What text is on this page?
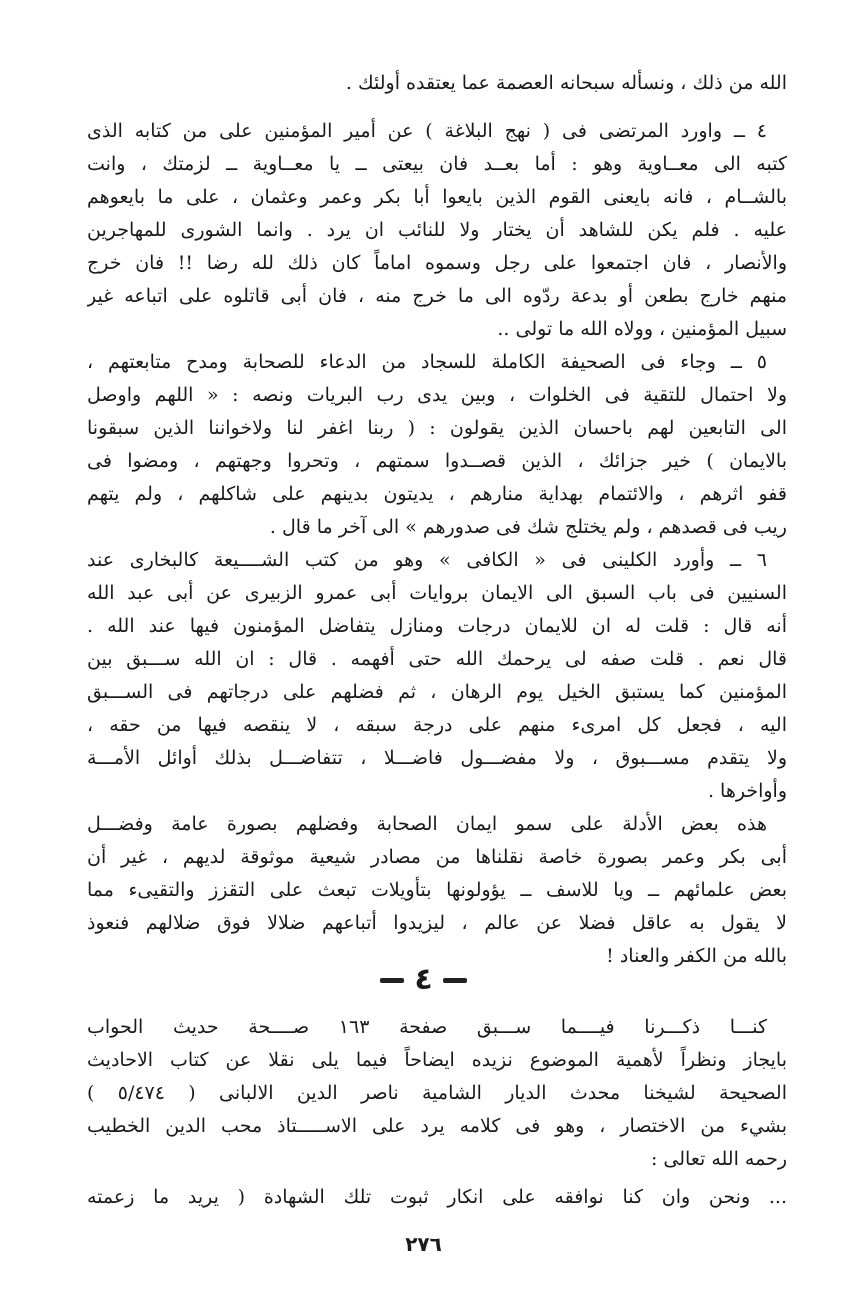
الله من ذلك ، ونسأله سبحانه العصمة عما يعتقده أولئك .
٤ ــ واورد المرتضى فى ( نهج البلاغة ) عن أمير المؤمنين على من كتابه الذى
كتبه الى معــاوية وهو : أما بعــد فان بيعتى ــ يا معــاوية ــ لزمتك ، وانت
بالشــام ، فانه بايعنى القوم الذين بايعوا أبا بكر وعمر وعثمان ، على ما بايعوهم
عليه . فلم يكن للشاهد أن يختار ولا للنائب ان يرد . وانما الشورى للمهاجرين
والأنصار ، فان اجتمعوا على رجل وسموه اماماً كان ذلك لله رضا !! فان خرج
منهم خارج بطعن أو بدعة ردّوه الى ما خرج منه ، فان أبى قاتلوه على اتباعه غير
سبيل المؤمنين ، وولاه الله ما تولى ..
٥ ــ وجاء فى الصحيفة الكاملة للسجاد من الدعاء للصحابة ومدح متابعتهم ،
ولا احتمال للتقية فى الخلوات ، وبين يدى رب البريات ونصه : « اللهم واوصل
الى التابعين لهم باحسان الذين يقولون : ( ربنا اغفر لنا ولاخواننا الذين سبقونا
بالايمان ) خير جزائك ، الذين قصــدوا سمتهم ، وتحروا وجهتهم ، ومضوا فى
قفو اثرهم ، والائتمام بهداية منارهم ، يديتون بدينهم على شاكلهم ، ولم يتهم
ريب فى قصدهم ، ولم يختلج شك فى صدورهم » الى آخر ما قال .
٦ ــ وأورد الكلينى فى « الكافى » وهو من كتب الشــــيعة كالبخارى عند
السنيين فى باب السبق الى الايمان بروايات أبى عمرو الزبيرى عن أبى عبد الله
أنه قال : قلت له ان للايمان درجات ومنازل يتفاضل المؤمنون فيها عند الله .
قال نعم . قلت صفه لى يرحمك الله حتى أفهمه . قال : ان الله ســـبق بين
المؤمنين كما يستبق الخيل يوم الرهان ، ثم فضلهم على درجاتهم فى الســـبق
اليه ، فجعل كل امرىء منهم على درجة سبقه ، لا ينقصه فيها من حقه ،
ولا يتقدم مســـبوق ، ولا مفضـــول فاضـــلا ، تتفاضـــل بذلك أوائل الأمـــة
وأواخرها .
هذه بعض الأدلة على سمو ايمان الصحابة وفضلهم بصورة عامة وفضـــل
أبى بكر وعمر بصورة خاصة نقلناها من مصادر شيعية موثوقة لديهم ، غير أن
بعض علمائهم ــ ويا للاسف ــ يؤولونها بتأويلات تبعث على التقزز والتقيىء مما
لا يقول به عاقل فضلا عن عالم ، ليزيدوا أتباعهم ضلالا فوق ضلالهم فنعوذ
بالله من الكفر والعناد !
٤
كنـــا ذكـــرنا فيــــما ســـبق صفحة ١٦٣ صــــحة حديث الحواب
بايجاز ونظراً لأهمية الموضوع نزيده ايضاحاً فيما يلى نقلا عن كتاب الاحاديث
الصحيحة لشيخنا محدث الديار الشامية ناصر الدين الالبانى ( ٥/٤٧٤ )
بشيء من الاختصار ، وهو فى كلامه يرد على الاســـــتاذ محب الدين الخطيب
رحمه الله تعالى :
... ونحن وان كنا نوافقه على انكار ثبوت تلك الشهادة ( يريد ما زعمته
٢٧٦
